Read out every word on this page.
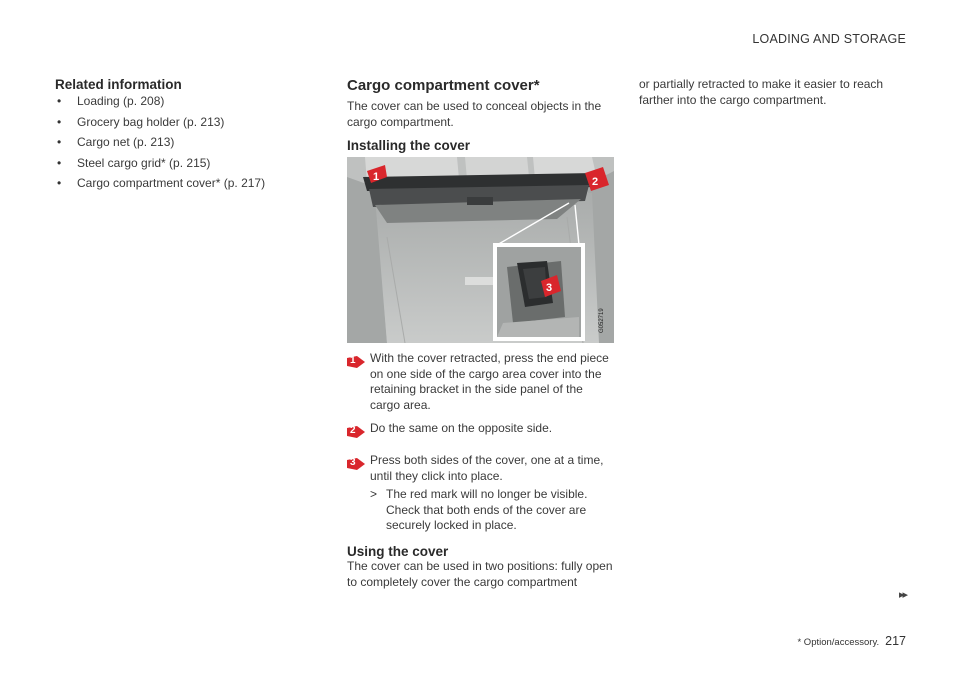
LOADING AND STORAGE
Related information
• Loading (p. 208)
• Grocery bag holder (p. 213)
• Cargo net (p. 213)
• Steel cargo grid* (p. 215)
• Cargo compartment cover* (p. 217)
Cargo compartment cover*
The cover can be used to conceal objects in the cargo compartment.
Installing the cover
1	2
3
G052719
1 With the cover retracted, press the end piece on one side of the cargo area cover into the retaining bracket in the side panel of the cargo area.
2 Do the same on the opposite side.
3 Press both sides of the cover, one at a time, until they click into place.
> The red mark will no longer be visible. Check that both ends of the cover are securely locked in place.
Using the cover
The cover can be used in two positions: fully open to completely cover the cargo compartment
or partially retracted to make it easier to reach farther into the cargo compartment.
▸▸
* Option/accessory. 217
